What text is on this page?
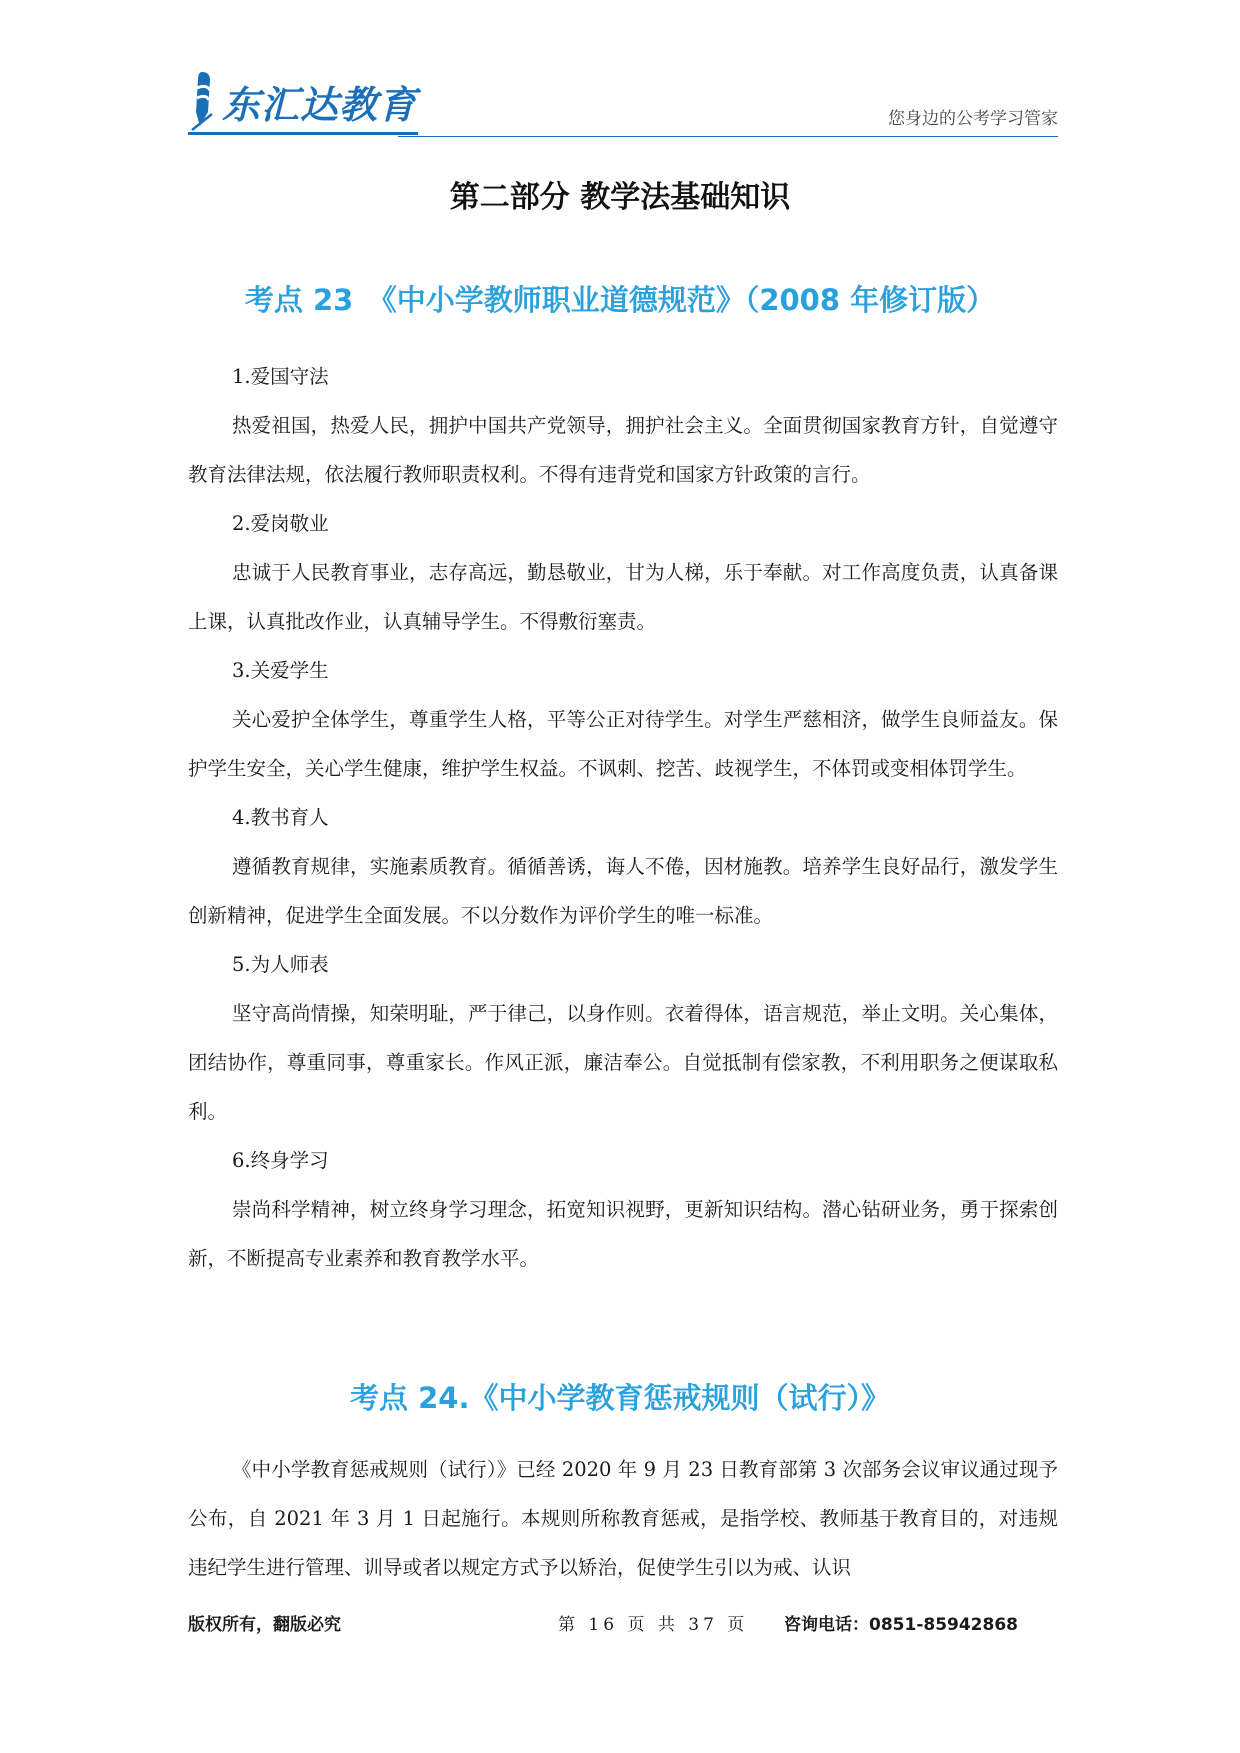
东汇达教育	您身边的公考学习管家
第二部分 教学法基础知识
考点 23　《中小学教师职业道德规范》（2008 年修订版）

1.爱国守法

热爱祖国，热爱人民，拥护中国共产党领导，拥护社会主义。全面贯彻国家教育方针，自觉遵守教育法律法规，依法履行教师职责权利。不得有违背党和国家方针政策的言行。

2.爱岗敬业

忠诚于人民教育事业，志存高远，勤恳敬业，甘为人梯，乐于奉献。对工作高度负责，认真备课上课，认真批改作业，认真辅导学生。不得敷衍塞责。

3.关爱学生

关心爱护全体学生，尊重学生人格，平等公正对待学生。对学生严慈相济，做学生良师益友。保护学生安全，关心学生健康，维护学生权益。不讽刺、挖苦、歧视学生，不体罚或变相体罚学生。

4.教书育人

遵循教育规律，实施素质教育。循循善诱，诲人不倦，因材施教。培养学生良好品行，激发学生创新精神，促进学生全面发展。不以分数作为评价学生的唯一标准。

5.为人师表

坚守高尚情操，知荣明耻，严于律己，以身作则。衣着得体，语言规范，举止文明。关心集体，团结协作，尊重同事，尊重家长。作风正派，廉洁奉公。自觉抵制有偿家教，不利用职务之便谋取私利。

6.终身学习

崇尚科学精神，树立终身学习理念，拓宽知识视野，更新知识结构。潜心钻研业务，勇于探索创新，不断提高专业素养和教育教学水平。

考点 24.《中小学教育惩戒规则（试行）》

《中小学教育惩戒规则（试行）》已经 2020 年 9 月 23 日教育部第 3 次部务会议审议通过现予公布，自 2021 年 3 月 1 日起施行。本规则所称教育惩戒，是指学校、教师基于教育目的，对违规违纪学生进行管理、训导或者以规定方式予以矫治，促使学生引以为戒、认识

版权所有，翻版必究	第 16 页 共 37 页 咨询电话：0851-85942868
